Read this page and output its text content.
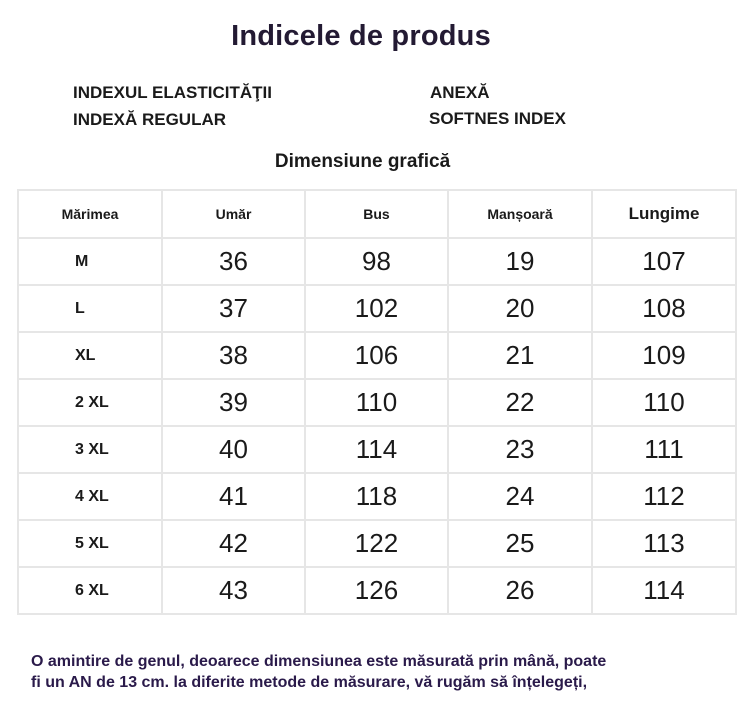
Indicele de produs
INDEXUL ELASTICITĂŢII	ANEXĂ
INDEXĂ REGULAR	SOFTNES INDEX
Dimensiune grafică
Mărimea	Umăr	Bus	Manșoară	Lungime
M	36	98	19	107
L	37	102	20	108
XL	38	106	21	109
2 XL	39	110	22	110
3 XL	40	114	23	111
4 XL	41	118	24	112
5 XL	42	122	25	113
6 XL	43	126	26	114
O amintire de genul, deoarece dimensiunea este măsurată prin mână, poate
fi un AN de 13 cm. la diferite metode de măsurare, vă rugăm să înțelegeți,
